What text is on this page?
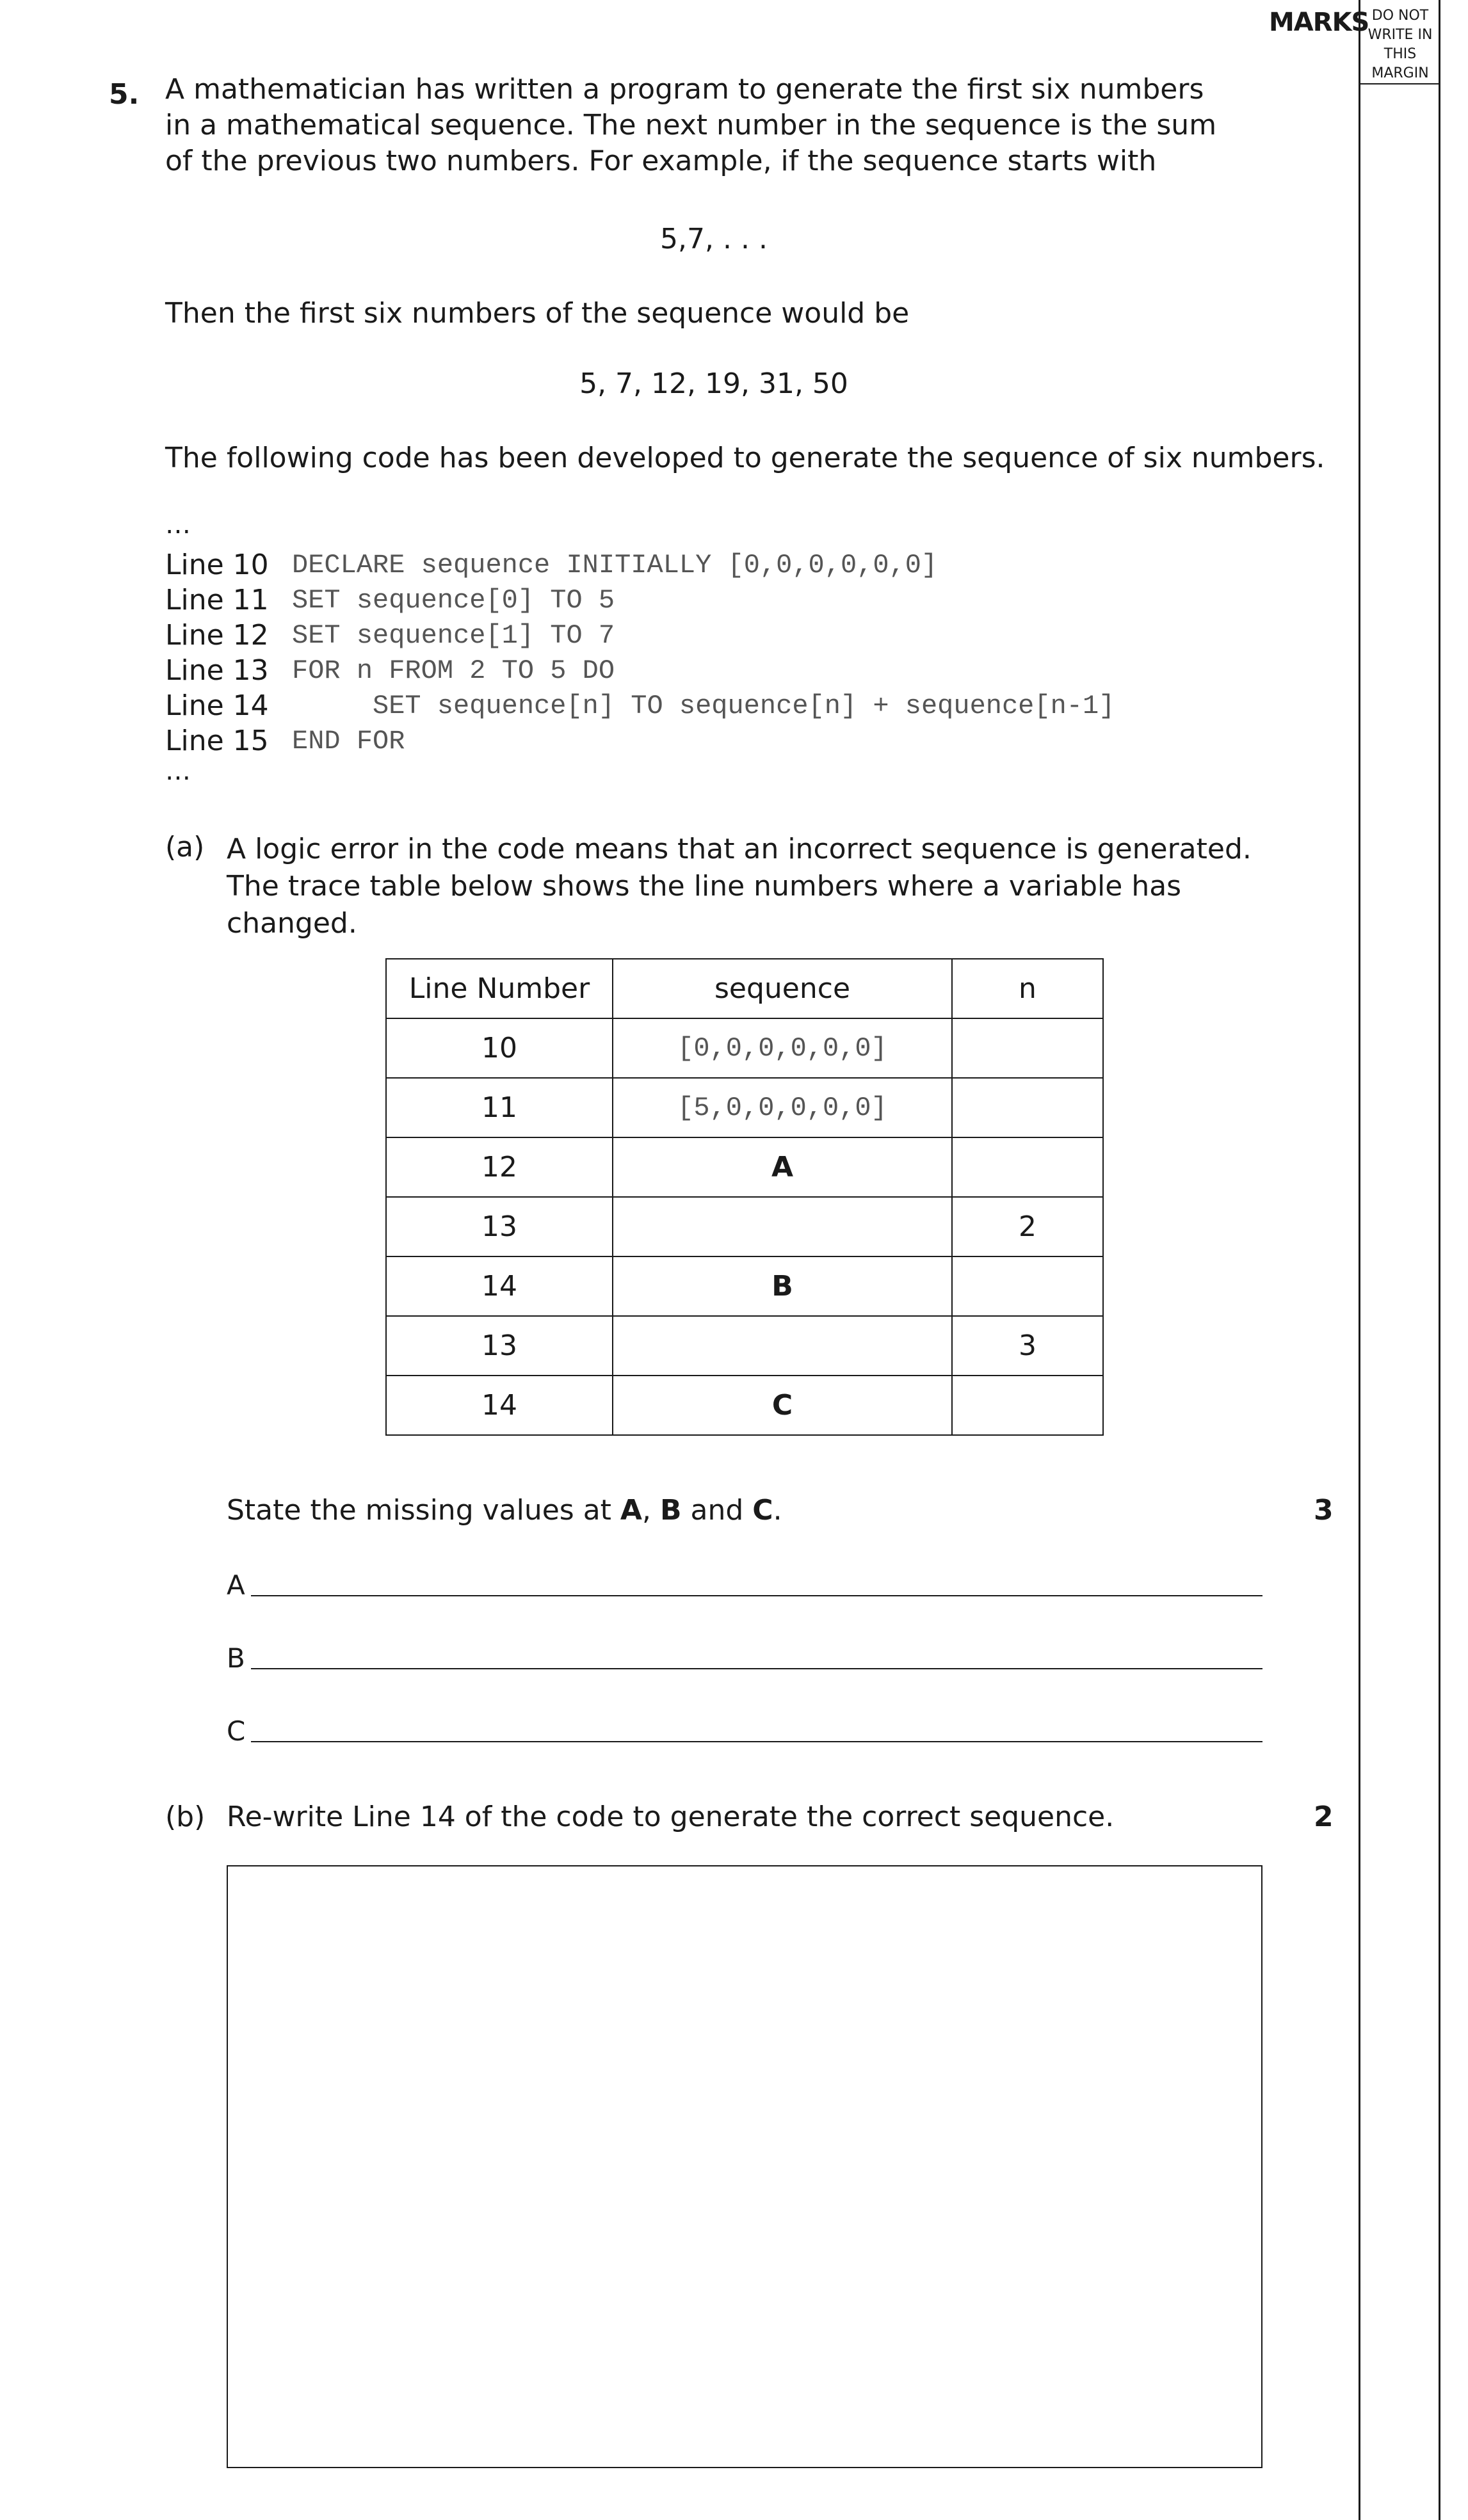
MARKS DO NOT
WRITE IN
THIS
MARGIN
5. A mathematician has written a program to generate the first six numbers in a mathematical sequence. The next number in the sequence is the sum of the previous two numbers. For example, if the sequence starts with
5,7, . . .
Then the first six numbers of the sequence would be
5, 7, 12, 19, 31, 50
The following code has been developed to generate the sequence of six numbers.
…
Line 10 DECLARE sequence INITIALLY [0,0,0,0,0,0]
Line 11 SET sequence[0] TO 5
Line 12 SET sequence[1] TO 7
Line 13 FOR n FROM 2 TO 5 DO
Line 14 SET sequence[n] TO sequence[n] + sequence[n-1]
Line 15 END FOR
…
(a) A logic error in the code means that an incorrect sequence is generated. The trace table below shows the line numbers where a variable has changed.
Line Number	sequence	n
10	[0,0,0,0,0,0]	
11	[5,0,0,0,0,0]	
12	A	
13		2
14	B	
13		3
14	C	
State the missing values at A, B and C.	3
A
B
C
(b) Re-write Line 14 of the code to generate the correct sequence.	2
